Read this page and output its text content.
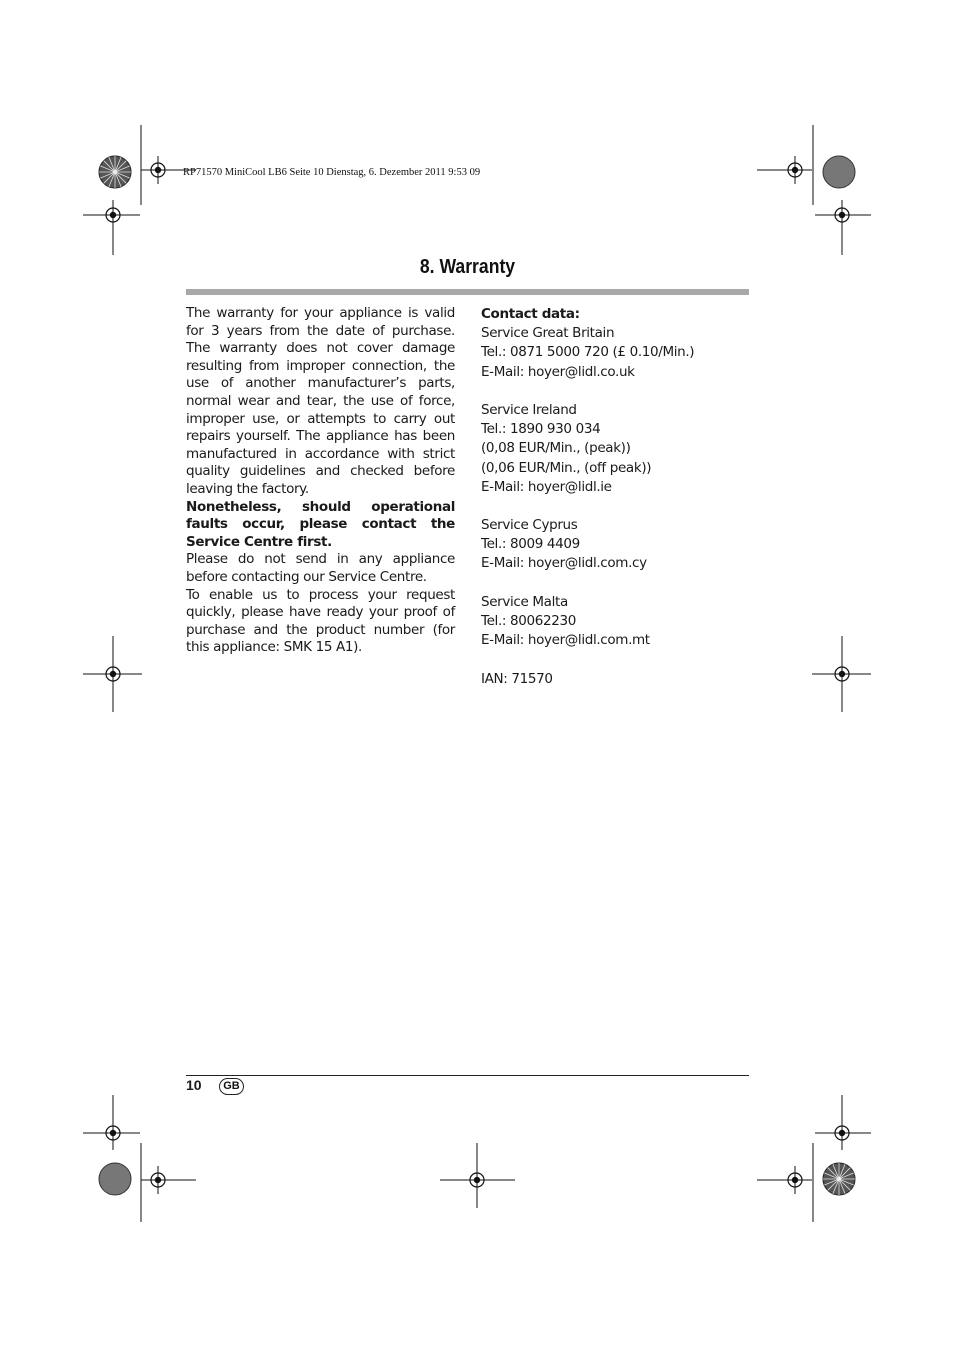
RP71570 MiniCool LB6 Seite 10 Dienstag, 6. Dezember 2011 9:53 09
8. Warranty

The warranty for your appliance is valid for 3 years from the date of purchase. The warranty does not cover damage resulting from improper connection, the use of another manufacturer’s parts, normal wear and tear, the use of force, improper use, or attempts to carry out repairs yourself. The appliance has been manufactured in accordance with strict quality guidelines and checked before leaving the factory.

Nonetheless, should operational faults occur, please contact the Service Centre first.

Please do not send in any appliance before contacting our Service Centre.

To enable us to process your request quickly, please have ready your proof of purchase and the product number (for this appliance: SMK 15 A1).

Contact data:
Service Great Britain
Tel.: 0871 5000 720 (£ 0.10/Min.)
E-Mail: hoyer@lidl.co.uk
Service Ireland
Tel.: 1890 930 034
(0,08 EUR/Min., (peak))
(0,06 EUR/Min., (off peak))
E-Mail: hoyer@lidl.ie
Service Cyprus
Tel.: 8009 4409
E-Mail: hoyer@lidl.com.cy
Service Malta
Tel.: 80062230
E-Mail: hoyer@lidl.com.mt
IAN: 71570
10	GB
